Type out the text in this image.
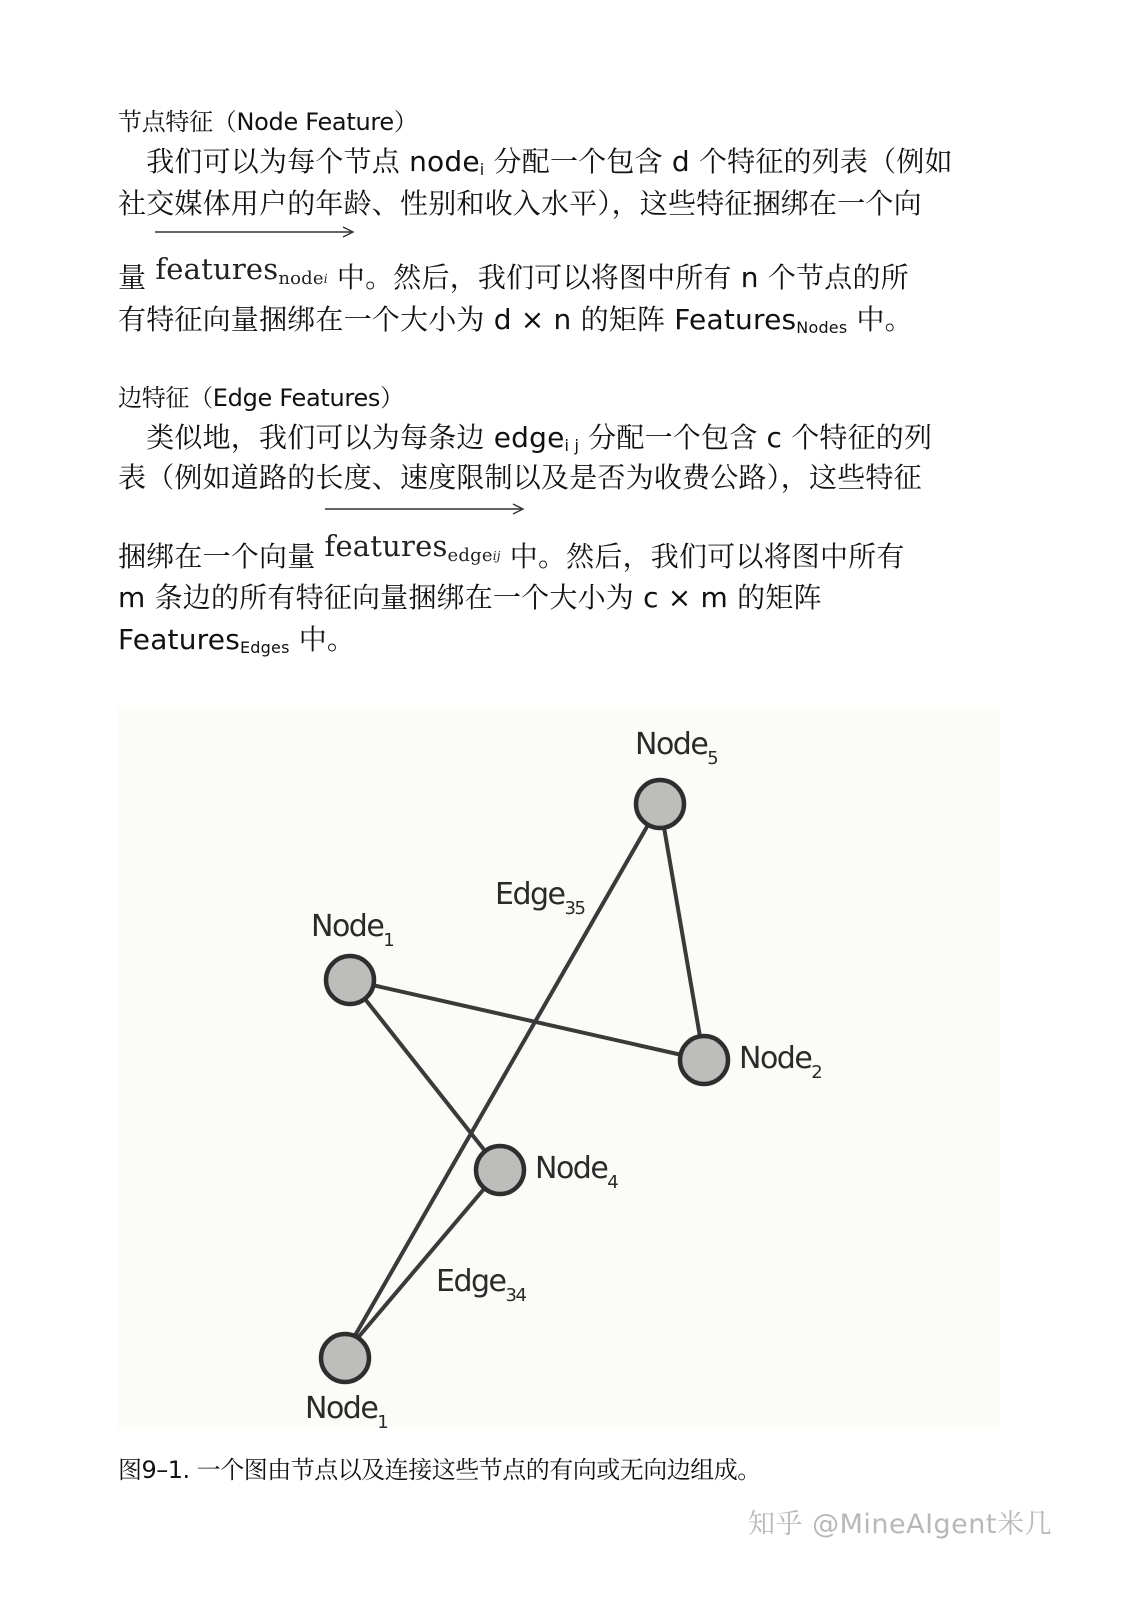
节点特征（Node Feature）
　我们可以为每个节点 node$_i$ 分配一个包含 d 个特征的列表（例如
社交媒体用户的年龄、性别和收入水平），这些特征捆绑在一个向
量
featuresnodei 中。然后，我们可以将图中所有 n 个节点的所
有特征向量捆绑在一个大小为 d × n 的矩阵 Features$_{Nodes}$ 中。
边特征（Edge Features）
　类似地，我们可以为每条边 edge$_{i j}$ 分配一个包含 c 个特征的列
表（例如道路的长度、速度限制以及是否为收费公路），这些特征
捆绑在一个向量
featuresedgeij 中。然后，我们可以将图中所有
m 条边的所有特征向量捆绑在一个大小为 c × m 的矩阵
Features$_{Edges}$ 中。
Node$_5$
Node$_1$
Node$_2$
Node$_4$
Node$_1$
Edge$_{35}$
Edge$_{34}$
图9–1. 一个图由节点以及连接这些节点的有向或无向边组成。
知乎 @MineAIgent米几
